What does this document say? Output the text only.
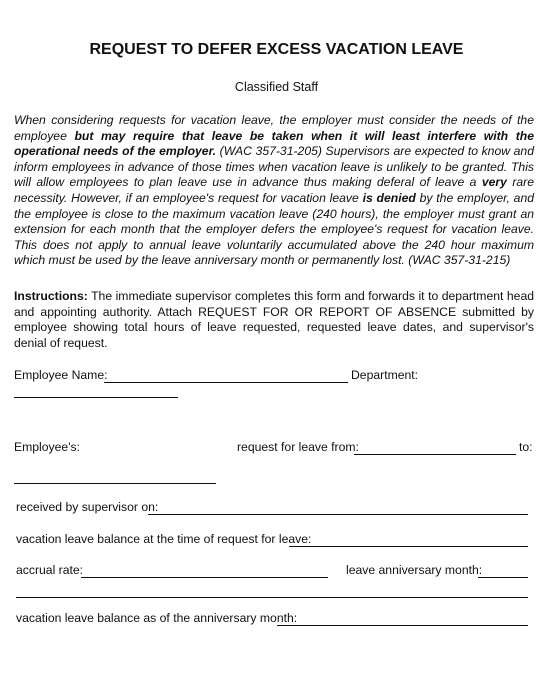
REQUEST TO DEFER EXCESS VACATION LEAVE
Classified Staff

When considering requests for vacation leave, the employer must consider the needs of the employee but may require that leave be taken when it will least interfere with the operational needs of the employer. (WAC 357-31-205) Supervisors are expected to know and inform employees in advance of those times when vacation leave is unlikely to be granted. This will allow employees to plan leave use in advance thus making deferal of leave a very rare necessity. However, if an employee's request for vacation leave is denied by the employer, and the employee is close to the maximum vacation leave (240 hours), the employer must grant an extension for each month that the employer defers the employee's request for vacation leave. This does not apply to annual leave voluntarily accumulated above the 240 hour maximum which must be used by the leave anniversary month or permanently lost. (WAC 357-31-215)

Instructions: The immediate supervisor completes this form and forwards it to department head and appointing authority. Attach REQUEST FOR OR REPORT OF ABSENCE submitted by employee showing total hours of leave requested, requested leave dates, and supervisor's denial of request.

Employee Name:	Department:
Employee's:	request for leave from:	to:
received by supervisor on:
vacation leave balance at the time of request for leave:
accrual rate:	leave anniversary month:
vacation leave balance as of the anniversary month:
